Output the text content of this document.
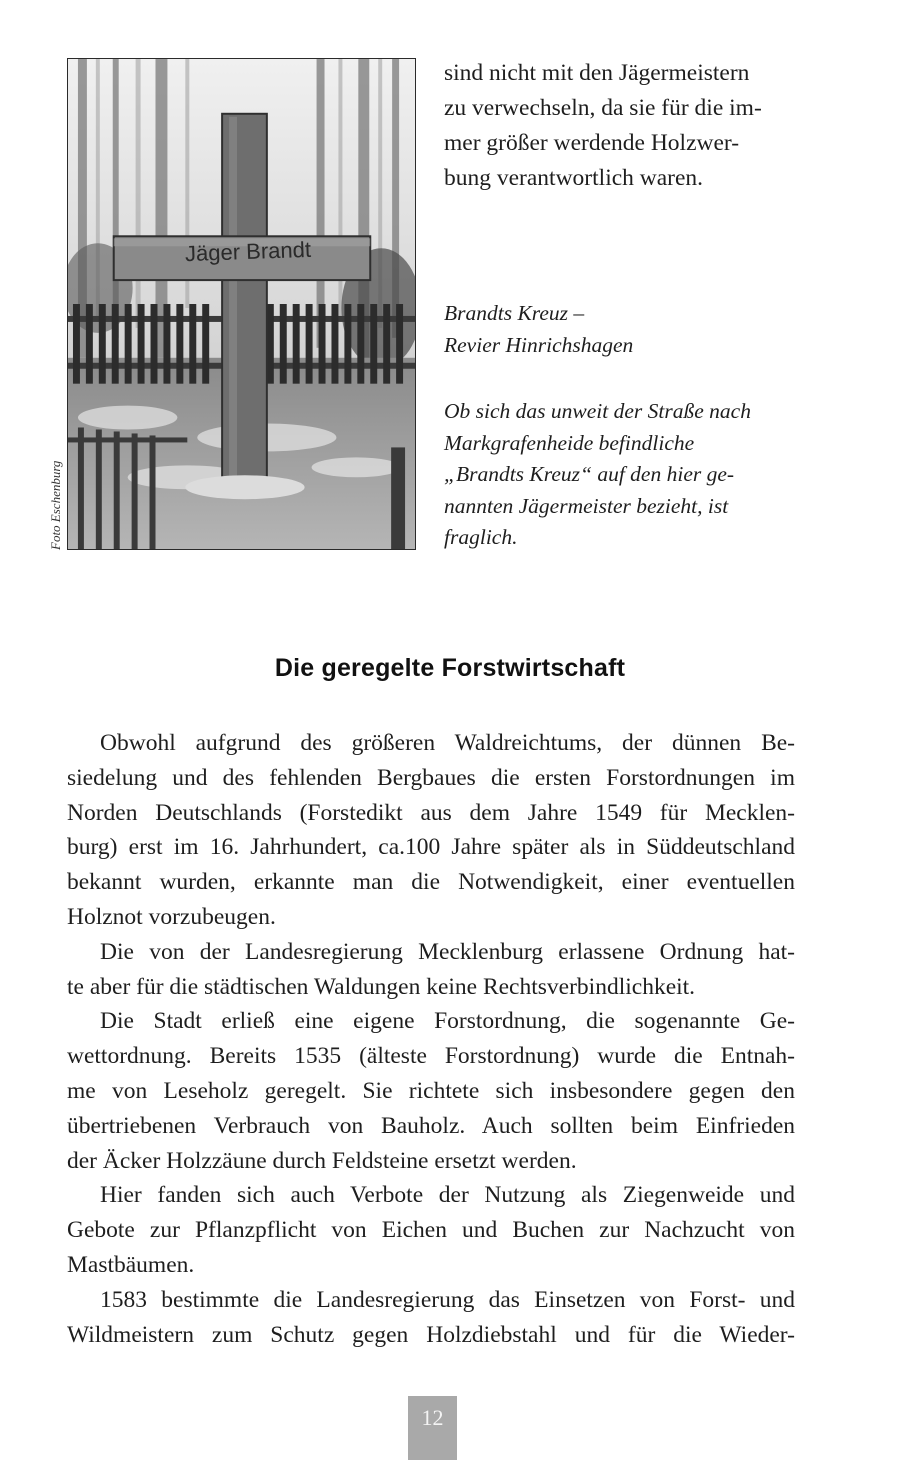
Jäger Brandt
Foto Eschenburg

sind nicht mit den Jägermeistern
zu verwechseln, da sie für die im-
mer größer werdende Holzwer-
bung verantwortlich waren.

Brandts Kreuz –
Revier Hinrichshagen

Ob sich das unweit der Straße nach
Markgrafenheide befindliche
„Brandts Kreuz“ auf den hier ge-
nannten Jägermeister bezieht, ist
fraglich.

Die geregelte Forstwirtschaft

Obwohl aufgrund des größeren Waldreichtums, der dünnen Be-
siedelung und des fehlenden Bergbaues die ersten Forstordnungen im
Norden Deutschlands (Forstedikt aus dem Jahre 1549 für Mecklen-
burg) erst im 16. Jahrhundert, ca.100 Jahre später als in Süddeutschland
bekannt wurden, erkannte man die Notwendigkeit, einer eventuellen
Holznot vorzubeugen.

Die von der Landesregierung Mecklenburg erlassene Ordnung hat-
te aber für die städtischen Waldungen keine Rechtsverbindlichkeit.

Die Stadt erließ eine eigene Forstordnung, die sogenannte Ge-
wettordnung. Bereits 1535 (älteste Forstordnung) wurde die Entnah-
me von Leseholz geregelt. Sie richtete sich insbesondere gegen den
übertriebenen Verbrauch von Bauholz. Auch sollten beim Einfrieden
der Äcker Holzzäune durch Feldsteine ersetzt werden.

Hier fanden sich auch Verbote der Nutzung als Ziegenweide und
Gebote zur Pflanzpflicht von Eichen und Buchen zur Nachzucht von
Mastbäumen.

1583 bestimmte die Landesregierung das Einsetzen von Forst- und
Wildmeistern zum Schutz gegen Holzdiebstahl und für die Wieder-

12
